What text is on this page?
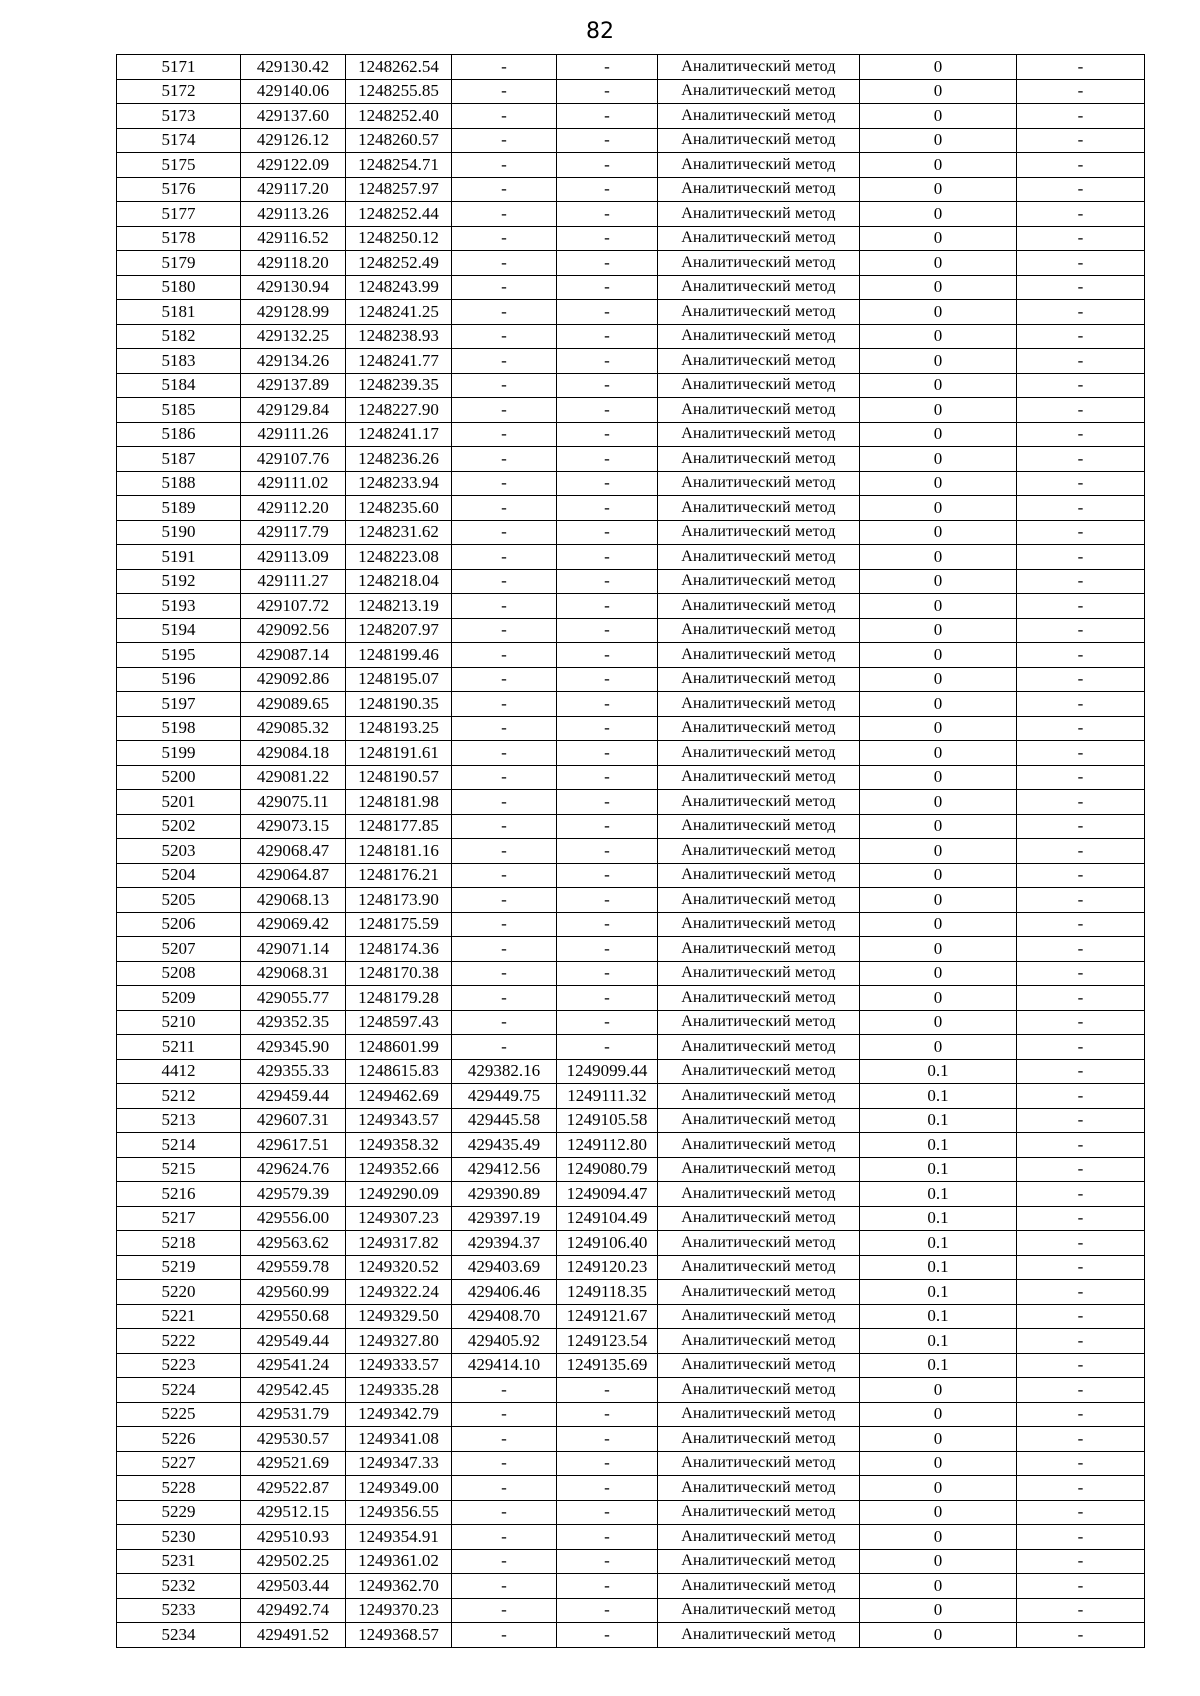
82
5171	429130.42	1248262.54	-	-	Аналитический метод	0	-
5172	429140.06	1248255.85	-	-	Аналитический метод	0	-
5173	429137.60	1248252.40	-	-	Аналитический метод	0	-
5174	429126.12	1248260.57	-	-	Аналитический метод	0	-
5175	429122.09	1248254.71	-	-	Аналитический метод	0	-
5176	429117.20	1248257.97	-	-	Аналитический метод	0	-
5177	429113.26	1248252.44	-	-	Аналитический метод	0	-
5178	429116.52	1248250.12	-	-	Аналитический метод	0	-
5179	429118.20	1248252.49	-	-	Аналитический метод	0	-
5180	429130.94	1248243.99	-	-	Аналитический метод	0	-
5181	429128.99	1248241.25	-	-	Аналитический метод	0	-
5182	429132.25	1248238.93	-	-	Аналитический метод	0	-
5183	429134.26	1248241.77	-	-	Аналитический метод	0	-
5184	429137.89	1248239.35	-	-	Аналитический метод	0	-
5185	429129.84	1248227.90	-	-	Аналитический метод	0	-
5186	429111.26	1248241.17	-	-	Аналитический метод	0	-
5187	429107.76	1248236.26	-	-	Аналитический метод	0	-
5188	429111.02	1248233.94	-	-	Аналитический метод	0	-
5189	429112.20	1248235.60	-	-	Аналитический метод	0	-
5190	429117.79	1248231.62	-	-	Аналитический метод	0	-
5191	429113.09	1248223.08	-	-	Аналитический метод	0	-
5192	429111.27	1248218.04	-	-	Аналитический метод	0	-
5193	429107.72	1248213.19	-	-	Аналитический метод	0	-
5194	429092.56	1248207.97	-	-	Аналитический метод	0	-
5195	429087.14	1248199.46	-	-	Аналитический метод	0	-
5196	429092.86	1248195.07	-	-	Аналитический метод	0	-
5197	429089.65	1248190.35	-	-	Аналитический метод	0	-
5198	429085.32	1248193.25	-	-	Аналитический метод	0	-
5199	429084.18	1248191.61	-	-	Аналитический метод	0	-
5200	429081.22	1248190.57	-	-	Аналитический метод	0	-
5201	429075.11	1248181.98	-	-	Аналитический метод	0	-
5202	429073.15	1248177.85	-	-	Аналитический метод	0	-
5203	429068.47	1248181.16	-	-	Аналитический метод	0	-
5204	429064.87	1248176.21	-	-	Аналитический метод	0	-
5205	429068.13	1248173.90	-	-	Аналитический метод	0	-
5206	429069.42	1248175.59	-	-	Аналитический метод	0	-
5207	429071.14	1248174.36	-	-	Аналитический метод	0	-
5208	429068.31	1248170.38	-	-	Аналитический метод	0	-
5209	429055.77	1248179.28	-	-	Аналитический метод	0	-
5210	429352.35	1248597.43	-	-	Аналитический метод	0	-
5211	429345.90	1248601.99	-	-	Аналитический метод	0	-
4412	429355.33	1248615.83	429382.16	1249099.44	Аналитический метод	0.1	-
5212	429459.44	1249462.69	429449.75	1249111.32	Аналитический метод	0.1	-
5213	429607.31	1249343.57	429445.58	1249105.58	Аналитический метод	0.1	-
5214	429617.51	1249358.32	429435.49	1249112.80	Аналитический метод	0.1	-
5215	429624.76	1249352.66	429412.56	1249080.79	Аналитический метод	0.1	-
5216	429579.39	1249290.09	429390.89	1249094.47	Аналитический метод	0.1	-
5217	429556.00	1249307.23	429397.19	1249104.49	Аналитический метод	0.1	-
5218	429563.62	1249317.82	429394.37	1249106.40	Аналитический метод	0.1	-
5219	429559.78	1249320.52	429403.69	1249120.23	Аналитический метод	0.1	-
5220	429560.99	1249322.24	429406.46	1249118.35	Аналитический метод	0.1	-
5221	429550.68	1249329.50	429408.70	1249121.67	Аналитический метод	0.1	-
5222	429549.44	1249327.80	429405.92	1249123.54	Аналитический метод	0.1	-
5223	429541.24	1249333.57	429414.10	1249135.69	Аналитический метод	0.1	-
5224	429542.45	1249335.28	-	-	Аналитический метод	0	-
5225	429531.79	1249342.79	-	-	Аналитический метод	0	-
5226	429530.57	1249341.08	-	-	Аналитический метод	0	-
5227	429521.69	1249347.33	-	-	Аналитический метод	0	-
5228	429522.87	1249349.00	-	-	Аналитический метод	0	-
5229	429512.15	1249356.55	-	-	Аналитический метод	0	-
5230	429510.93	1249354.91	-	-	Аналитический метод	0	-
5231	429502.25	1249361.02	-	-	Аналитический метод	0	-
5232	429503.44	1249362.70	-	-	Аналитический метод	0	-
5233	429492.74	1249370.23	-	-	Аналитический метод	0	-
5234	429491.52	1249368.57	-	-	Аналитический метод	0	-
